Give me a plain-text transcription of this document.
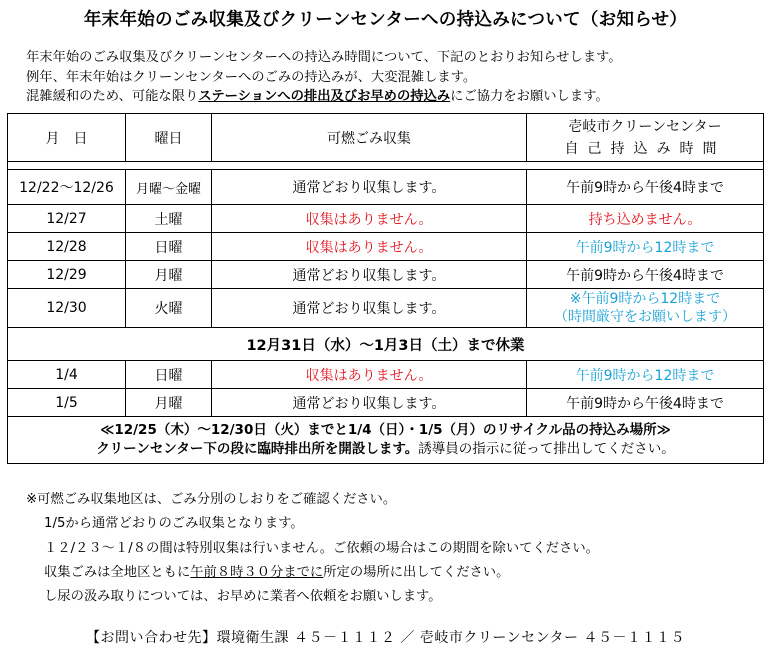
年末年始のごみ収集及びクリーンセンターへの持込みについて（お知らせ）
年末年始のごみ収集及びクリーンセンターへの持込み時間について、下記のとおりお知らせします。
例年、年末年始はクリーンセンターへのごみの持込みが、大変混雑します。
混雑緩和のため、可能な限りステーションへの排出及びお早めの持込みにご協力をお願いします。
月　日	曜日	可燃ごみ収集	壱岐市クリーンセンター
自己持込み時間

12/22～12/26	月曜～金曜	通常どおり収集します。	午前9時から午後4時まで
12/27	土曜	収集はありません。	持ち込めません。
12/28	日曜	収集はありません。	午前9時から12時まで
12/29	月曜	通常どおり収集します。	午前9時から午後4時まで
12/30	火曜	通常どおり収集します。	※午前9時から12時まで
（時間厳守をお願いします）

12月31日（水）～1月3日（土）まで休業			
1/4	日曜	収集はありません。	午前9時から12時まで
1/5	月曜	通常どおり収集します。	午前9時から午後4時まで

≪12/25（木）～12/30日（火）までと1/4（日）・1/5（月）のリサイクル品の持込み場所≫
クリーンセンター下の段に臨時排出所を開設します。誘導員の指示に従って排出してください。			
※可燃ごみ収集地区は、ごみ分別のしおりをご確認ください。
1/5から通常どおりのごみ収集となります。
１２/２３～１/８の間は特別収集は行いません。ご依頼の場合はこの期間を除いてください。
収集ごみは全地区ともに午前８時３０分までに所定の場所に出してください。
し尿の汲み取りについては、お早めに業者へ依頼をお願いします。
【お問い合わせ先】環境衛生課 ４５－１１１２ ／ 壱岐市クリーンセンター ４５－１１１５
